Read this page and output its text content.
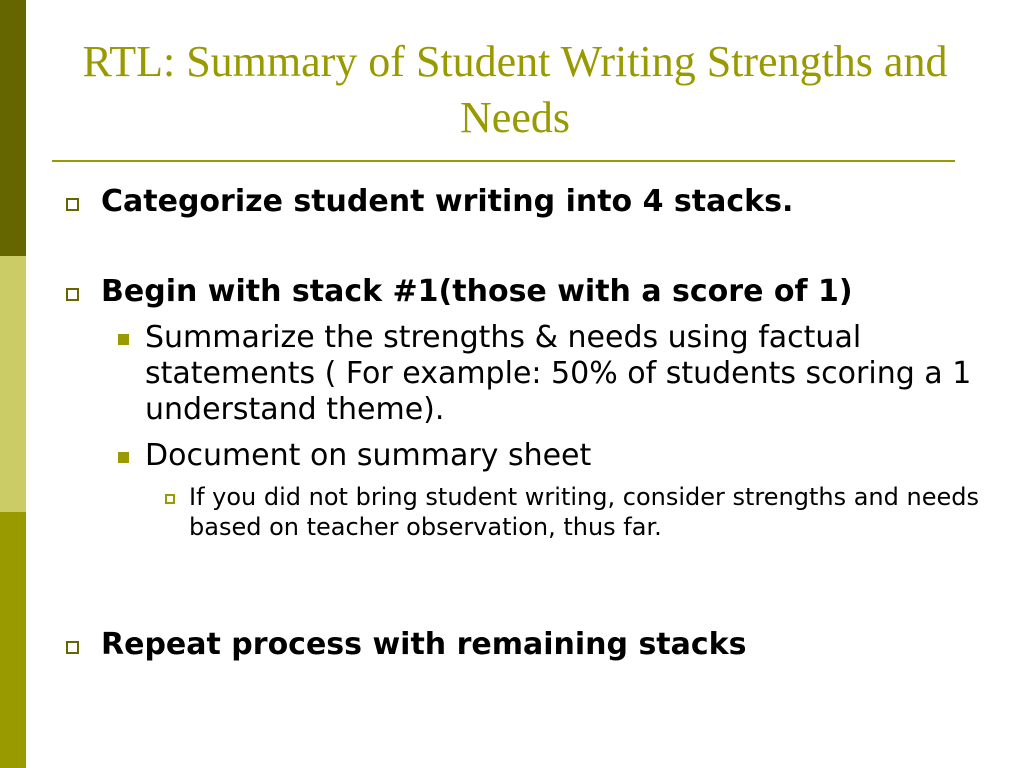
RTL: Summary of Student Writing Strengths and Needs
Categorize student writing into 4 stacks.
Begin with stack #1(those with a score of 1)
Summarize the strengths & needs using factual statements ( For example: 50% of students scoring a 1 understand theme).
Document on summary sheet
If you did not bring student writing, consider strengths and needs based on teacher observation, thus far.
Repeat process with remaining stacks
